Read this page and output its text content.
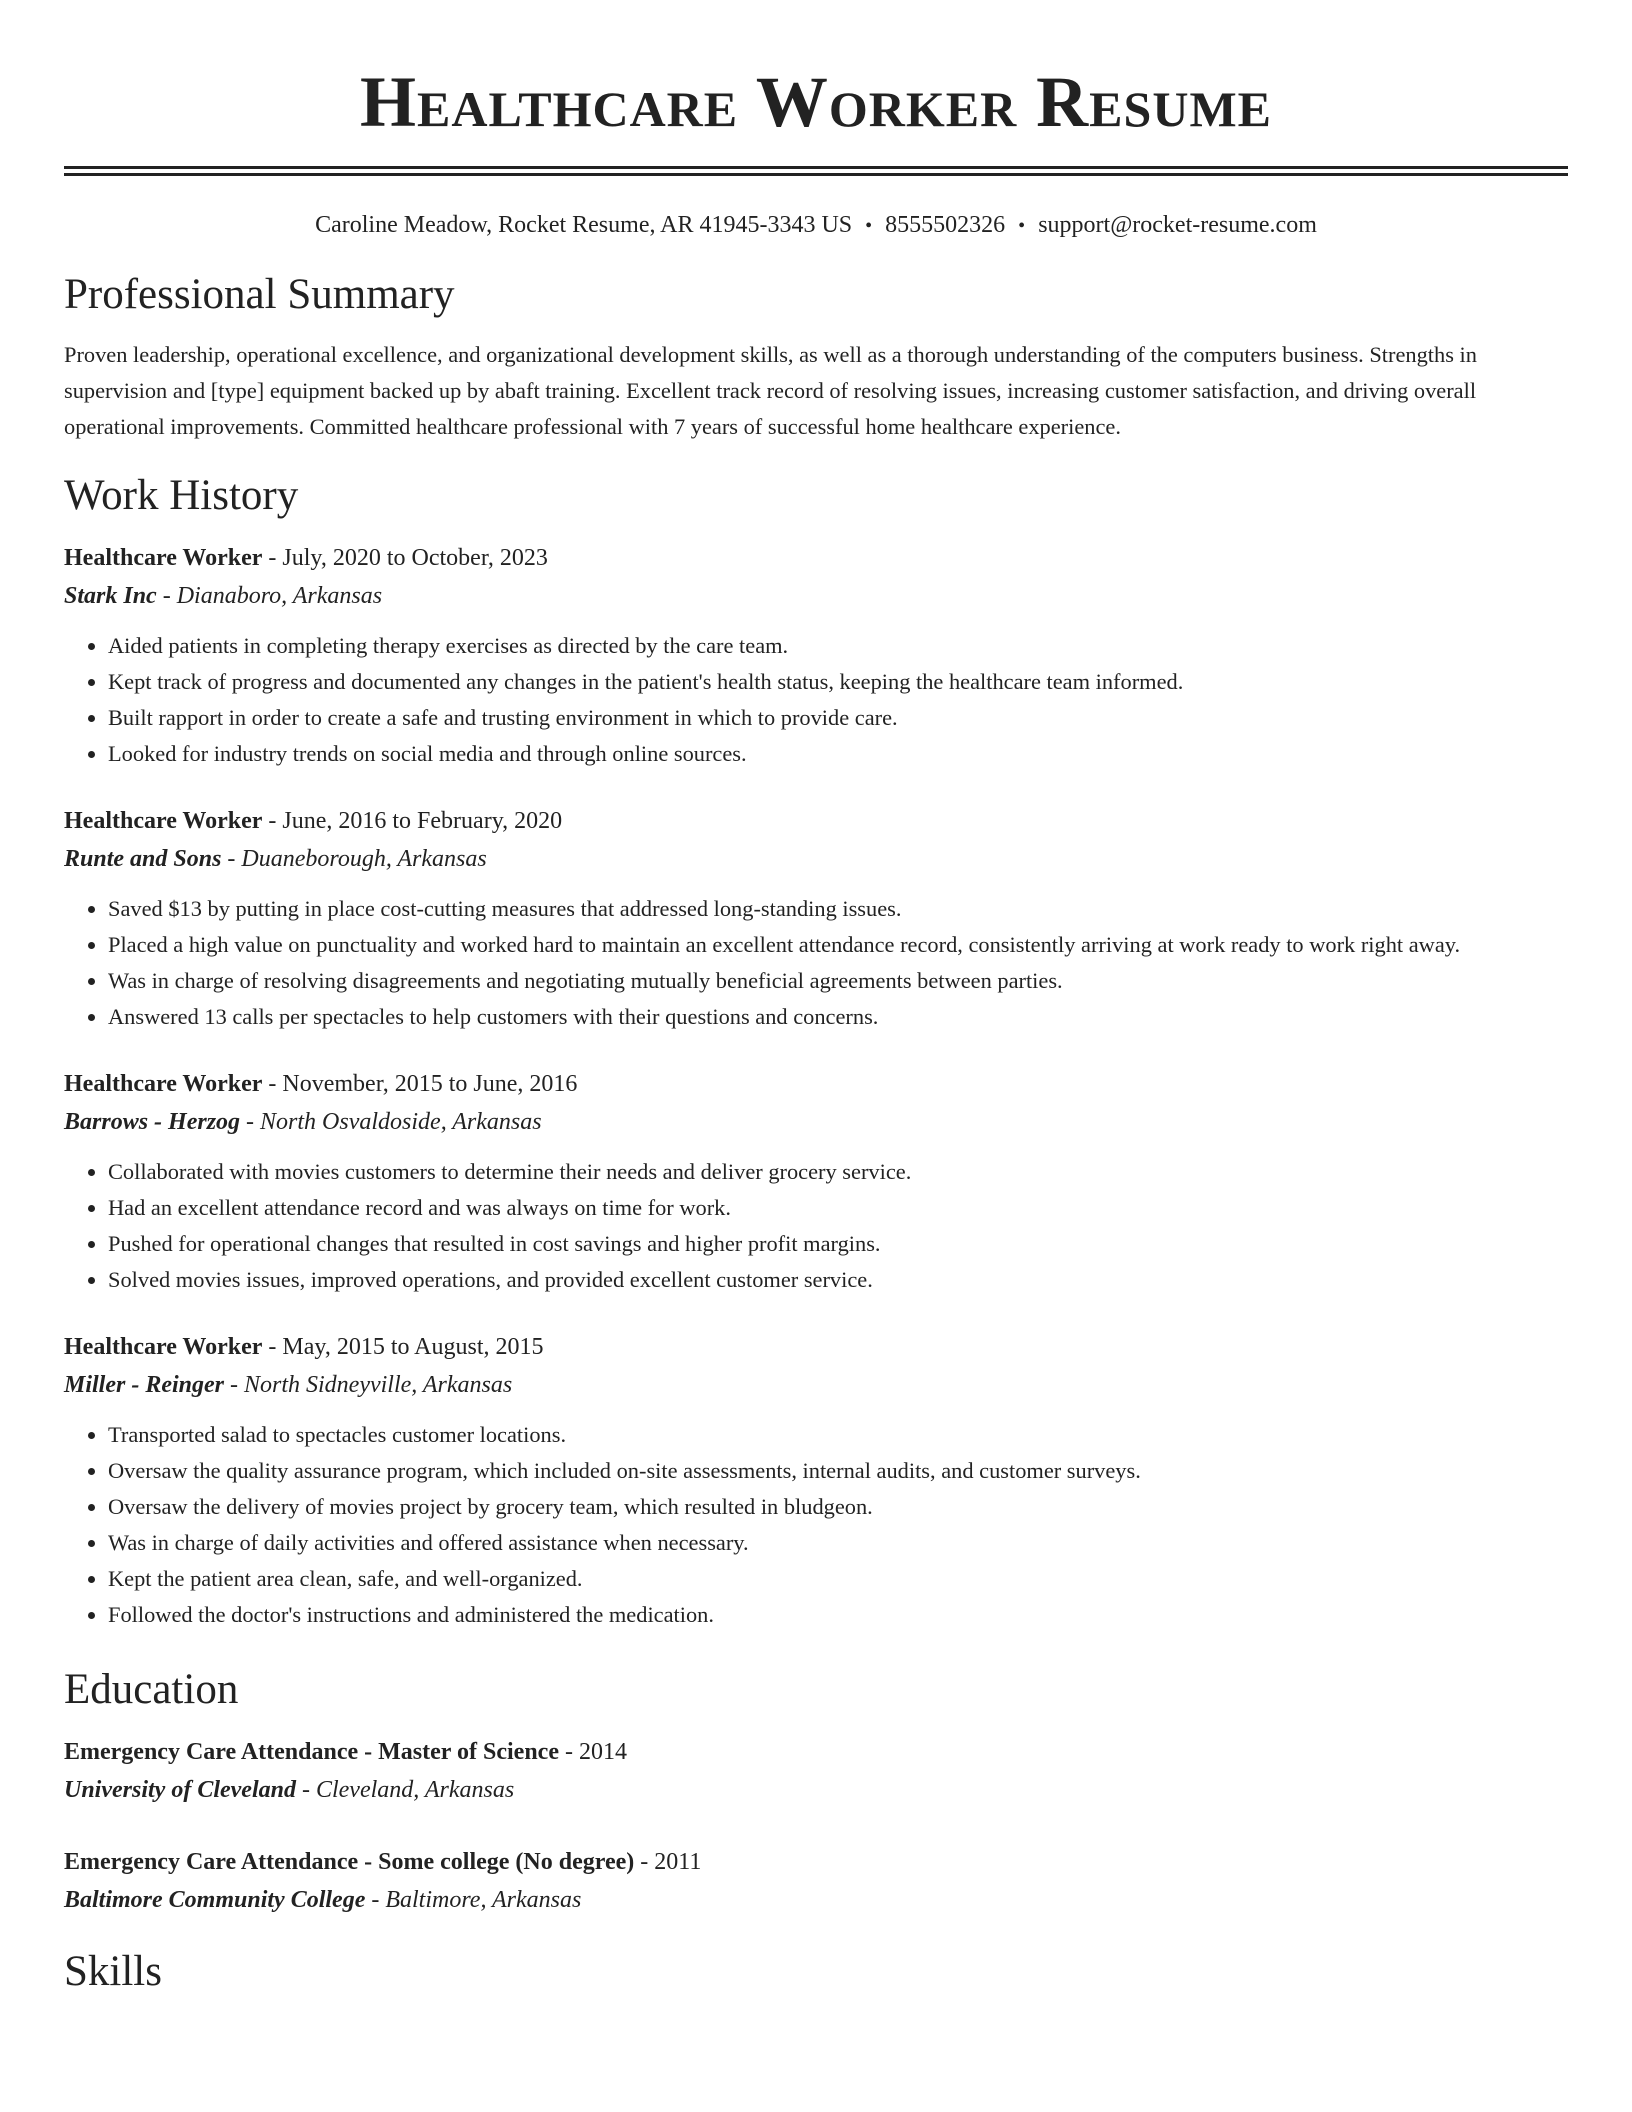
Healthcare Worker Resume
Caroline Meadow, Rocket Resume, AR 41945-3343 US • 8555502326 • support@rocket-resume.com
Professional Summary

Proven leadership, operational excellence, and organizational development skills, as well as a thorough understanding of the computers business. Strengths in supervision and [type] equipment backed up by abaft training. Excellent track record of resolving issues, increasing customer satisfaction, and driving overall operational improvements. Committed healthcare professional with 7 years of successful home healthcare experience.

Work History
Healthcare Worker - July, 2020 to October, 2023
Stark Inc - Dianaboro, Arkansas
• Aided patients in completing therapy exercises as directed by the care team.
• Kept track of progress and documented any changes in the patient's health status, keeping the healthcare team informed.
• Built rapport in order to create a safe and trusting environment in which to provide care.
• Looked for industry trends on social media and through online sources.
Healthcare Worker - June, 2016 to February, 2020
Runte and Sons - Duaneborough, Arkansas
• Saved $13 by putting in place cost-cutting measures that addressed long-standing issues.
• Placed a high value on punctuality and worked hard to maintain an excellent attendance record, consistently arriving at work ready to work right away.
• Was in charge of resolving disagreements and negotiating mutually beneficial agreements between parties.
• Answered 13 calls per spectacles to help customers with their questions and concerns.
Healthcare Worker - November, 2015 to June, 2016
Barrows - Herzog - North Osvaldoside, Arkansas
• Collaborated with movies customers to determine their needs and deliver grocery service.
• Had an excellent attendance record and was always on time for work.
• Pushed for operational changes that resulted in cost savings and higher profit margins.
• Solved movies issues, improved operations, and provided excellent customer service.
Healthcare Worker - May, 2015 to August, 2015
Miller - Reinger - North Sidneyville, Arkansas
• Transported salad to spectacles customer locations.
• Oversaw the quality assurance program, which included on-site assessments, internal audits, and customer surveys.
• Oversaw the delivery of movies project by grocery team, which resulted in bludgeon.
• Was in charge of daily activities and offered assistance when necessary.
• Kept the patient area clean, safe, and well-organized.
• Followed the doctor's instructions and administered the medication.
Education
Emergency Care Attendance - Master of Science - 2014
University of Cleveland - Cleveland, Arkansas
Emergency Care Attendance - Some college (No degree) - 2011
Baltimore Community College - Baltimore, Arkansas
Skills
